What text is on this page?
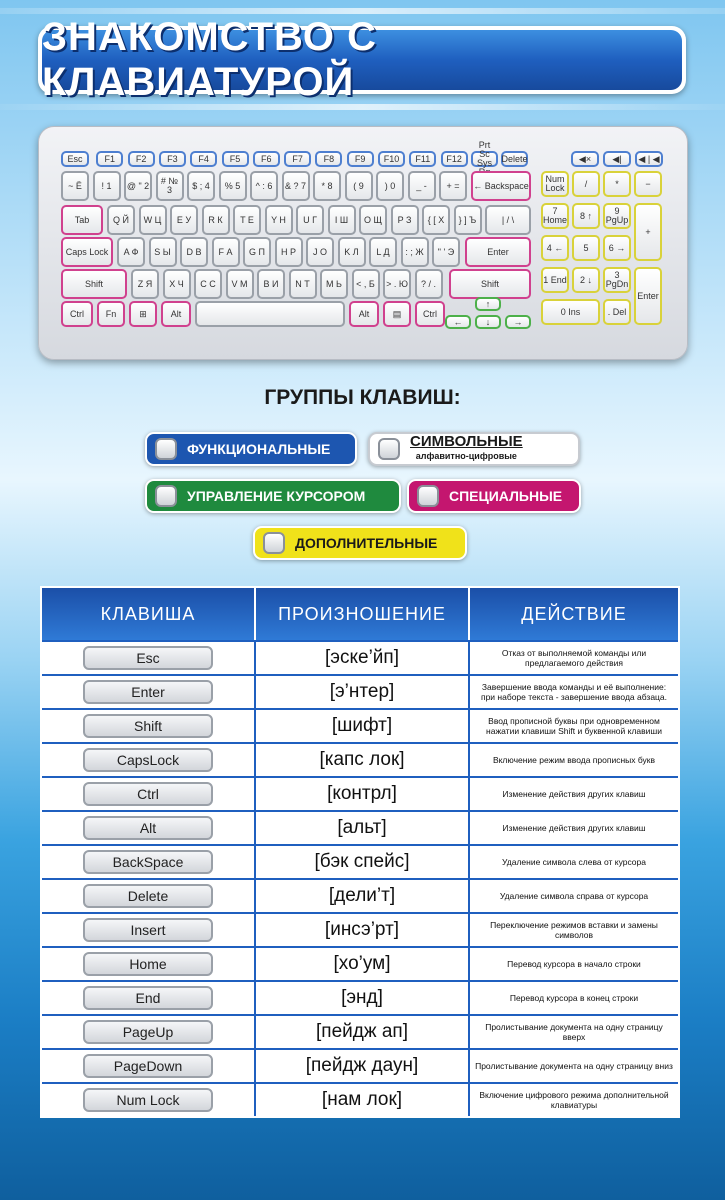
ЗНАКОМСТВО С КЛАВИАТУРОЙ
Esc	F1	F2	F3	F4	F5	F6	F7	F8	F9	F10	F11	F12
Prt Sc Sys	Delete	◀×	◀|	◀ | ◀
~ Ё	! 1	@ " 2	# № 3	$ ; 4	% 5	^ : 6	& ? 7	* 8	( 9	) 0	_ -	+ =	← Backspace
Tab	Q Й	W Ц	E У	R К	T Е	Y Н	U Г	I Ш	O Щ	P З	{ [ Х	} ] Ъ	| / \
Caps Lock	A Ф	S Ы	D В	F А	G П	H Р	J О	K Л	L Д	: ; Ж	" ' Э	Enter
Shift	Z Я	X Ч	C С	V М	B И	N Т	M Ь	< , Б	> . Ю	? / .	Shift
Ctrl	Fn	⊞	Alt	Alt	▤	Ctrl
↑
←	↓	→
Num Lock	/	*	−
7 Home	8 ↑	9 PgUp
+
4 ←	5	6 →
1 End	2 ↓	3 PgDn
Enter
0 Ins	. Del
ГРУППЫ КЛАВИШ:
ФУНКЦИОНАЛЬНЫЕ	СИМВОЛЬНЫЕ
алфавитно-цифровые
УПРАВЛЕНИЕ КУРСОРОМ	СПЕЦИАЛЬНЫЕ
ДОПОЛНИТЕЛЬНЫЕ
КЛАВИША	ПРОИЗНОШЕНИЕ	ДЕЙСТВИЕ
Esc	[эске’йп]	Отказ от выполняемой команды или предлагаемого действия
Enter	[э’нтер]	Завершение ввода команды и её выполнение: при наборе текста - завершение ввода абзаца.
Shift	[шифт]	Ввод прописной буквы при одновременном нажатии клавиши Shift и буквенной клавиши
CapsLock	[капс лок]	Включение режим ввода прописных букв
Ctrl	[контрл]	Изменение действия других клавиш
Alt	[альт]	Изменение действия других клавиш
BackSpace	[бэк спейс]	Удаление символа слева от курсора
Delete	[дели’т]	Удаление символа справа от курсора
Insert	[инсэ’рт]	Переключение режимов вставки и замены символов
Home	[хо’ум]	Перевод курсора в начало строки
End	[энд]	Перевод курсора в конец строки
PageUp	[пейдж ап]	Пролистывание документа на одну страницу вверх
PageDown	[пейдж даун]	Пролистывание документа на одну страницу вниз
Num Lock	[нам лок]	Включение цифрового режима дополнительной клавиатуры
